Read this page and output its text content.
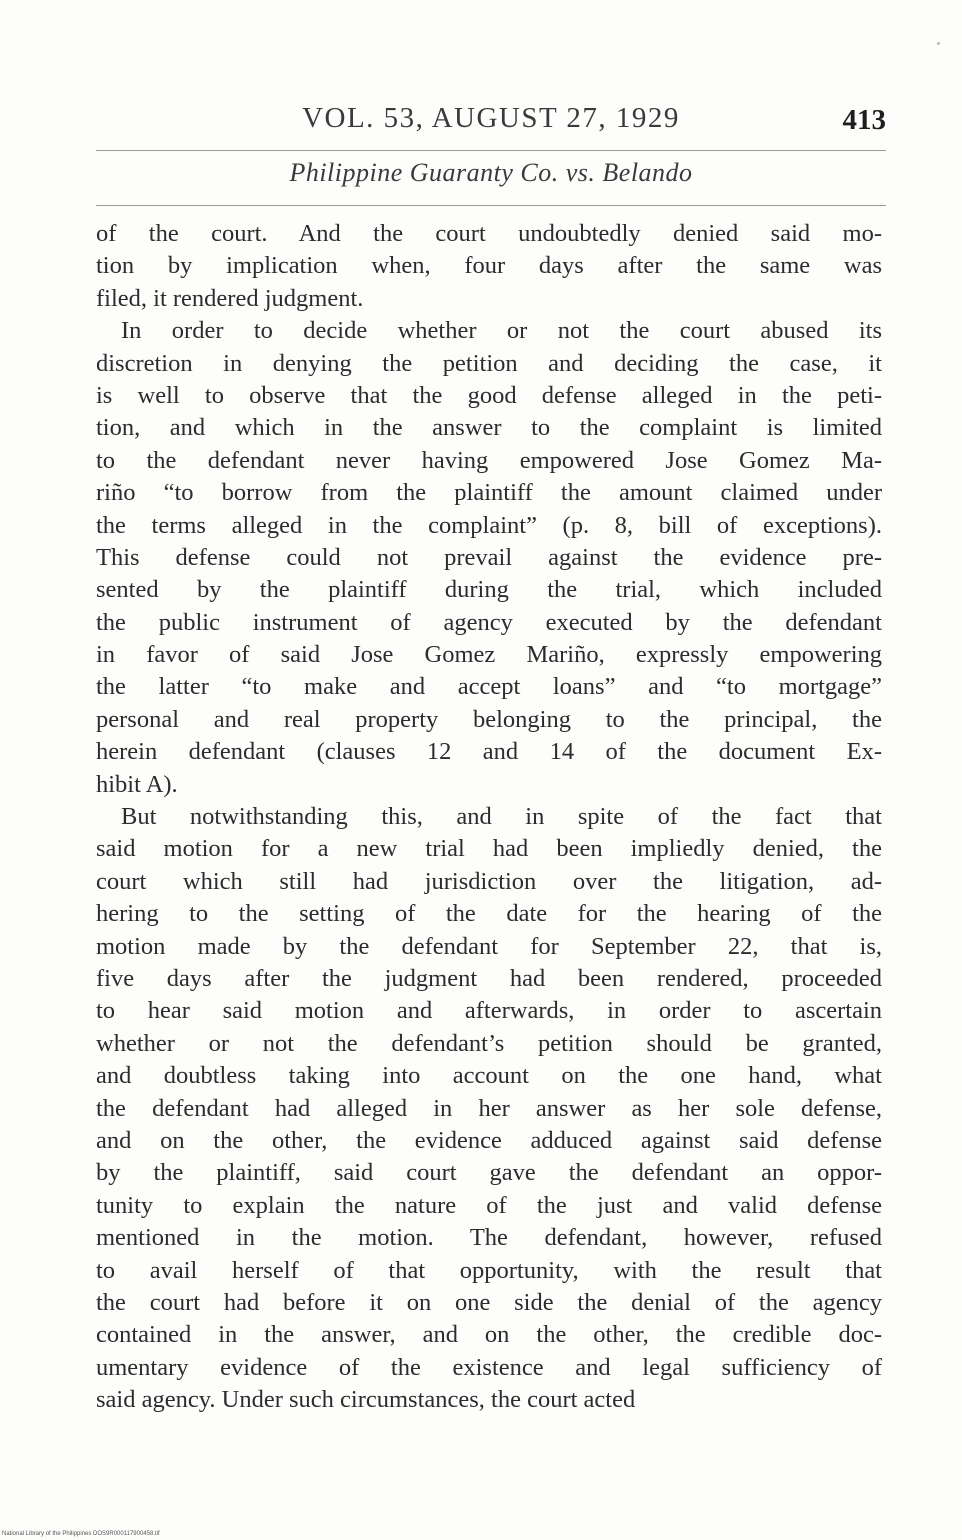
VOL. 53, AUGUST 27, 1929	413
Philippine Guaranty Co. vs. Belando
of the court. And the court undoubtedly denied said mo-
tion by implication when, four days after the same was
filed, it rendered judgment.
In order to decide whether or not the court abused its
discretion in denying the petition and deciding the case, it
is well to observe that the good defense alleged in the peti-
tion, and which in the answer to the complaint is limited
to the defendant never having empowered Jose Gomez Ma-
riño “to borrow from the plaintiff the amount claimed under
the terms alleged in the complaint” (p. 8, bill of exceptions).
This defense could not prevail against the evidence pre-
sented by the plaintiff during the trial, which included
the public instrument of agency executed by the defendant
in favor of said Jose Gomez Mariño, expressly empowering
the latter “to make and accept loans” and “to mortgage”
personal and real property belonging to the principal, the
herein defendant (clauses 12 and 14 of the document Ex-
hibit A).
But notwithstanding this, and in spite of the fact that
said motion for a new trial had been impliedly denied, the
court which still had jurisdiction over the litigation, ad-
hering to the setting of the date for the hearing of the
motion made by the defendant for September 22, that is,
five days after the judgment had been rendered, proceeded
to hear said motion and afterwards, in order to ascertain
whether or not the defendant’s petition should be granted,
and doubtless taking into account on the one hand, what
the defendant had alleged in her answer as her sole defense,
and on the other, the evidence adduced against said defense
by the plaintiff, said court gave the defendant an oppor-
tunity to explain the nature of the just and valid defense
mentioned in the motion. The defendant, however, refused
to avail herself of that opportunity, with the result that
the court had before it on one side the denial of the agency
contained in the answer, and on the other, the credible doc-
umentary evidence of the existence and legal sufficiency of
said agency. Under such circumstances, the court acted
National Library of the Philippines DOS9R000117900458.tif
